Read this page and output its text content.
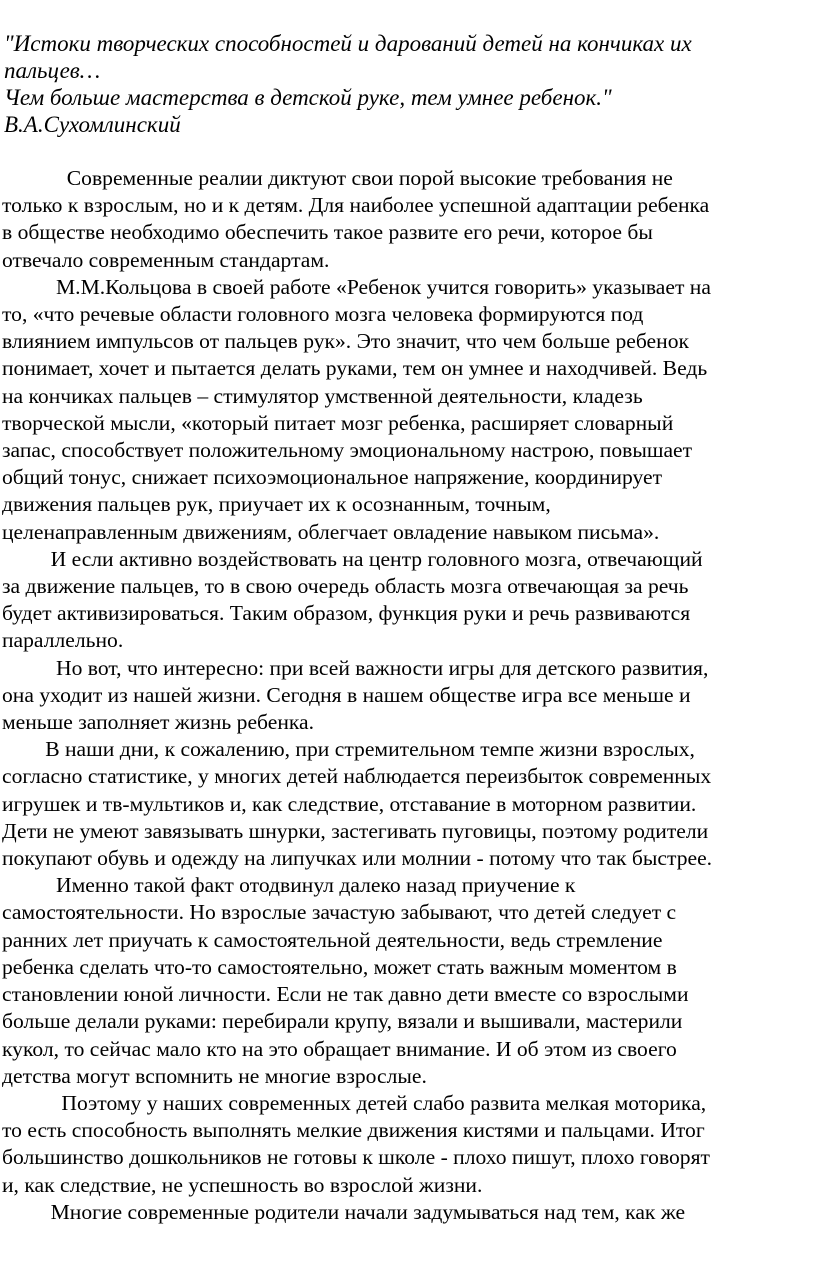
"Истоки творческих способностей и дарований детей на кончиках их
пальцев…
Чем больше мастерства в детской руке, тем умнее ребенок."
В.А.Сухомлинский
Современные реалии диктуют свои порой высокие требования не
только к взрослым, но и к детям. Для наиболее успешной адаптации ребенка
в обществе необходимо обеспечить такое развите его речи, которое бы
отвечало современным стандартам.
М.М.Кольцова в своей работе «Ребенок учится говорить» указывает на
то, «что речевые области головного мозга человека формируются под
влиянием импульсов от пальцев рук». Это значит, что чем больше ребенок
понимает, хочет и пытается делать руками, тем он умнее и находчивей. Ведь
на кончиках пальцев – стимулятор умственной деятельности, кладезь
творческой мысли, «который питает мозг ребенка, расширяет словарный
запас, способствует положительному эмоциональному настрою, повышает
общий тонус, снижает психоэмоциональное напряжение, координирует
движения пальцев рук, приучает их к осознанным, точным,
целенаправленным движениям, облегчает овладение навыком письма».
И если активно воздействовать на центр головного мозга, отвечающий
за движение пальцев, то в свою очередь область мозга отвечающая за речь
будет активизироваться. Таким образом, функция руки и речь развиваются
параллельно.
Но вот, что интересно: при всей важности игры для детского развития,
она уходит из нашей жизни. Сегодня в нашем обществе игра все меньше и
меньше заполняет жизнь ребенка.
В наши дни, к сожалению, при стремительном темпе жизни взрослых,
согласно статистике, у многих детей наблюдается переизбыток современных
игрушек и тв-мультиков и, как следствие, отставание в моторном развитии.
Дети не умеют завязывать шнурки, застегивать пуговицы, поэтому родители
покупают обувь и одежду на липучках или молнии - потому что так быстрее.
Именно такой факт отодвинул далеко назад приучение к
самостоятельности. Но взрослые зачастую забывают, что детей следует с
ранних лет приучать к самостоятельной деятельности, ведь стремление
ребенка сделать что-то самостоятельно, может стать важным моментом в
становлении юной личности. Если не так давно дети вместе со взрослыми
больше делали руками: перебирали крупу, вязали и вышивали, мастерили
кукол, то сейчас мало кто на это обращает внимание. И об этом из своего
детства могут вспомнить не многие взрослые.
Поэтому у наших современных детей слабо развита мелкая моторика,
то есть способность выполнять мелкие движения кистями и пальцами. Итог
большинство дошкольников не готовы к школе - плохо пишут, плохо говорят
и, как следствие, не успешность во взрослой жизни.
Многие современные родители начали задумываться над тем, как же
